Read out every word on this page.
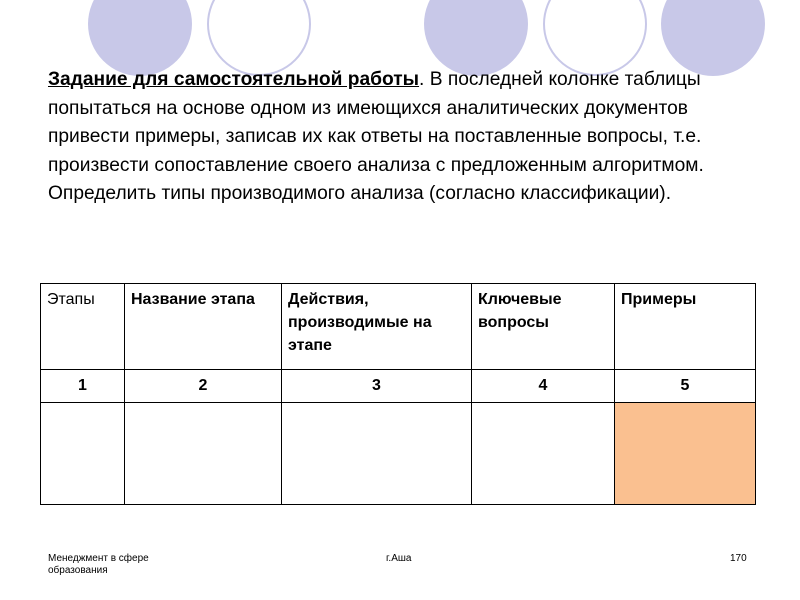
Задание для самостоятельной работы. В последней колонке таблицы попытаться на основе одном из имеющихся аналитических документов привести примеры, записав их как ответы на поставленные вопросы, т.е. произвести сопоставление своего анализа с предложенным алгоритмом. Определить типы производимого анализа (согласно классификации).
Этапы	Название этапа	Действия, производимые на этапе	Ключевые вопросы	Примеры
1	2	3	4	5

Менеджмент в сфере
образования
г.Аша	170
